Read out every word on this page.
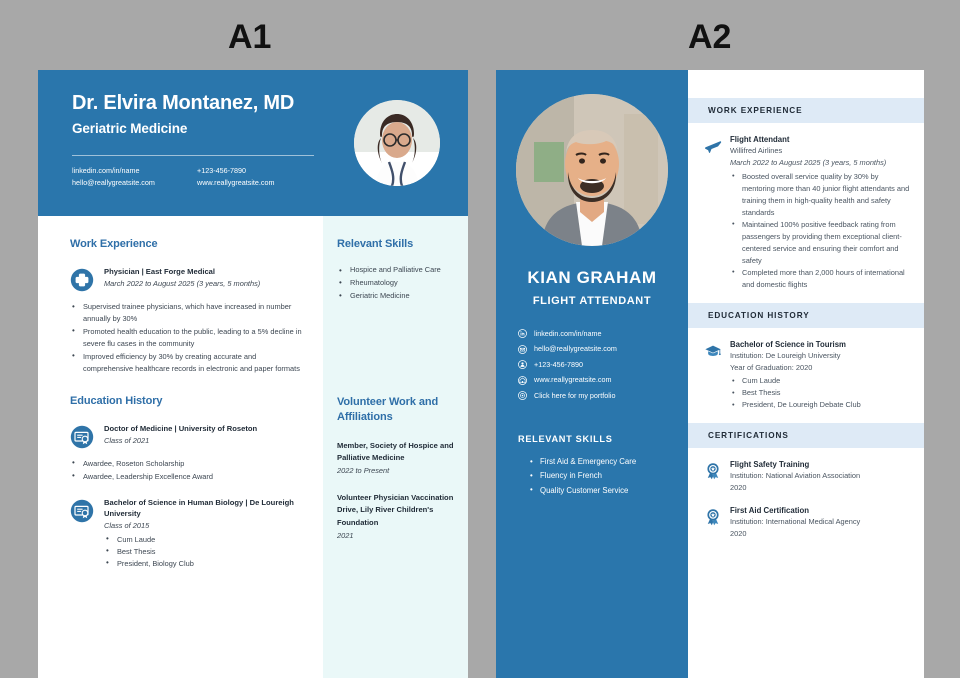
A1	A2
Dr. Elvira Montanez, MD
Geriatric Medicine
linkedin.com/in/name	+123-456-7890
hello@reallygreatsite.com	www.reallygreatsite.com
Work Experience
Physician | East Forge Medical
March 2022 to August 2025 (3 years, 5 months)
• Supervised trainee physicians, which have increased in number annually by 30%
• Promoted health education to the public, leading to a 5% decline in severe flu cases in the community
• Improved efficiency by 30% by creating accurate and comprehensive healthcare records in electronic and paper formats
Education History
Doctor of Medicine | University of Roseton
Class of 2021
• Awardee, Roseton Scholarship
• Awardee, Leadership Excellence Award
Bachelor of Science in Human Biology | De Loureigh University
Class of 2015
• Cum Laude
• Best Thesis
• President, Biology Club
Relevant Skills
• Hospice and Palliative Care
• Rheumatology
• Geriatric Medicine
Volunteer Work and Affiliations
Member, Society of Hospice and Palliative Medicine
2022 to Present
Volunteer Physician Vaccination Drive, Lily River Children's Foundation
2021
KIAN GRAHAM
FLIGHT ATTENDANT
linkedin.com/in/name
hello@reallygreatsite.com
+123-456-7890
www.reallygreatsite.com
Click here for my portfolio
RELEVANT SKILLS
• First Aid & Emergency Care
• Fluency in French
• Quality Customer Service
WORK EXPERIENCE
Flight Attendant
Willifred Airlines
March 2022 to August 2025 (3 years, 5 months)
• Boosted overall service quality by 30% by mentoring more than 40 junior flight attendants and training them in high-quality health and safety standards
• Maintained 100% positive feedback rating from passengers by providing them exceptional client-centered service and ensuring their comfort and safety
• Completed more than 2,000 hours of international and domestic flights
EDUCATION HISTORY
Bachelor of Science in Tourism
Institution: De Loureigh University
Year of Graduation: 2020
• Cum Laude
• Best Thesis
• President, De Loureigh Debate Club
CERTIFICATIONS
Flight Safety Training
Institution: National Aviation Association
2020
First Aid Certification
Institution: International Medical Agency
2020
